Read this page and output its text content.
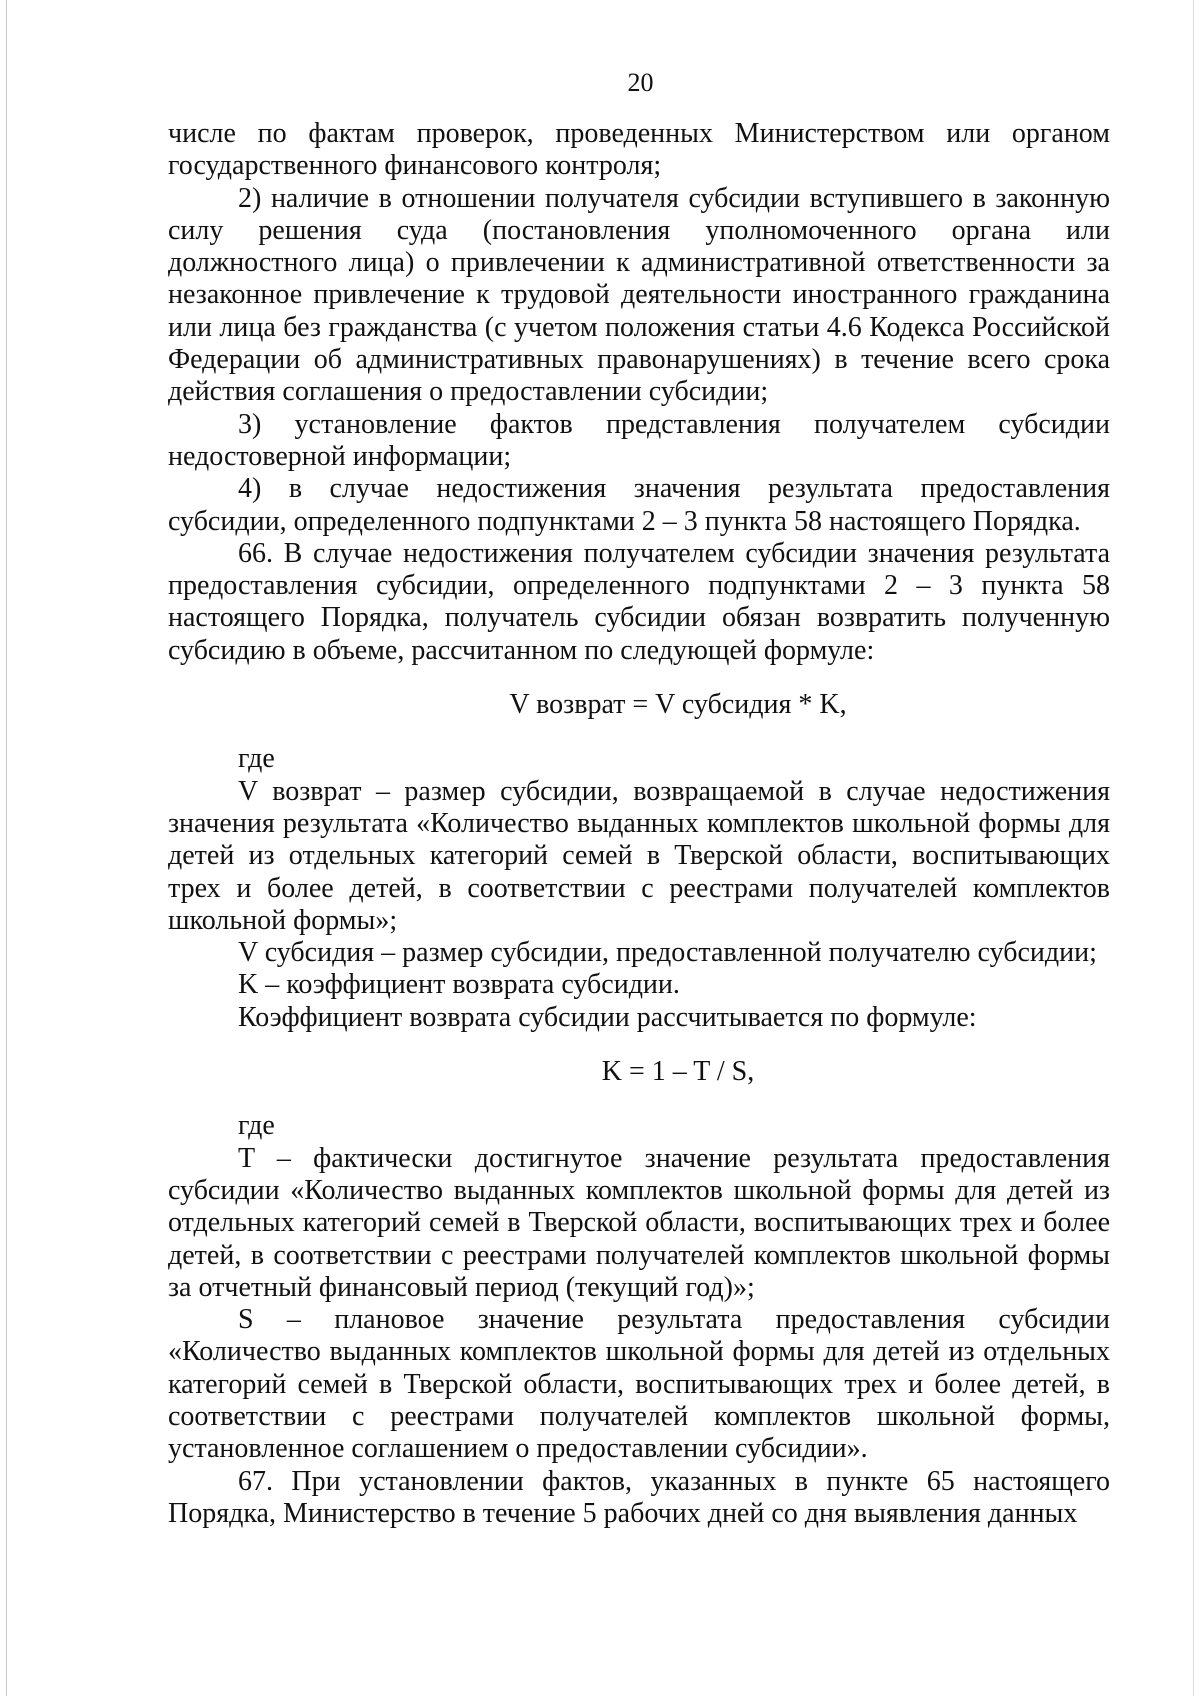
20

числе по фактам проверок, проведенных Министерством или органом государственного финансового контроля;

2) наличие в отношении получателя субсидии вступившего в законную силу решения суда (постановления уполномоченного органа или должностного лица) о привлечении к административной ответственности за незаконное привлечение к трудовой деятельности иностранного гражданина или лица без гражданства (с учетом положения статьи 4.6 Кодекса Российской Федерации об административных правонарушениях) в течение всего срока действия соглашения о предоставлении субсидии;

3) установление фактов представления получателем субсидии недостоверной информации;

4) в случае недостижения значения результата предоставления субсидии, определенного подпунктами 2 – 3 пункта 58 настоящего Порядка.

66. В случае недостижения получателем субсидии значения результата предоставления субсидии, определенного подпунктами 2 – 3 пункта 58 настоящего Порядка, получатель субсидии обязан возвратить полученную субсидию в объеме, рассчитанном по следующей формуле:

V возврат = V субсидия * K,

где

V возврат – размер субсидии, возвращаемой в случае недостижения значения результата «Количество выданных комплектов школьной формы для детей из отдельных категорий семей в Тверской области, воспитывающих трех и более детей, в соответствии с реестрами получателей комплектов школьной формы»;

V субсидия – размер субсидии, предоставленной получателю субсидии;

K – коэффициент возврата субсидии.

Коэффициент возврата субсидии рассчитывается по формуле:

K = 1 – T / S,

где

T – фактически достигнутое значение результата предоставления субсидии «Количество выданных комплектов школьной формы для детей из отдельных категорий семей в Тверской области, воспитывающих трех и более детей, в соответствии с реестрами получателей комплектов школьной формы за отчетный финансовый период (текущий год)»;

S – плановое значение результата предоставления субсидии «Количество выданных комплектов школьной формы для детей из отдельных категорий семей в Тверской области, воспитывающих трех и более детей, в соответствии с реестрами получателей комплектов школьной формы, установленное соглашением о предоставлении субсидии».

67. При установлении фактов, указанных в пункте 65 настоящего Порядка, Министерство в течение 5 рабочих дней со дня выявления данных
